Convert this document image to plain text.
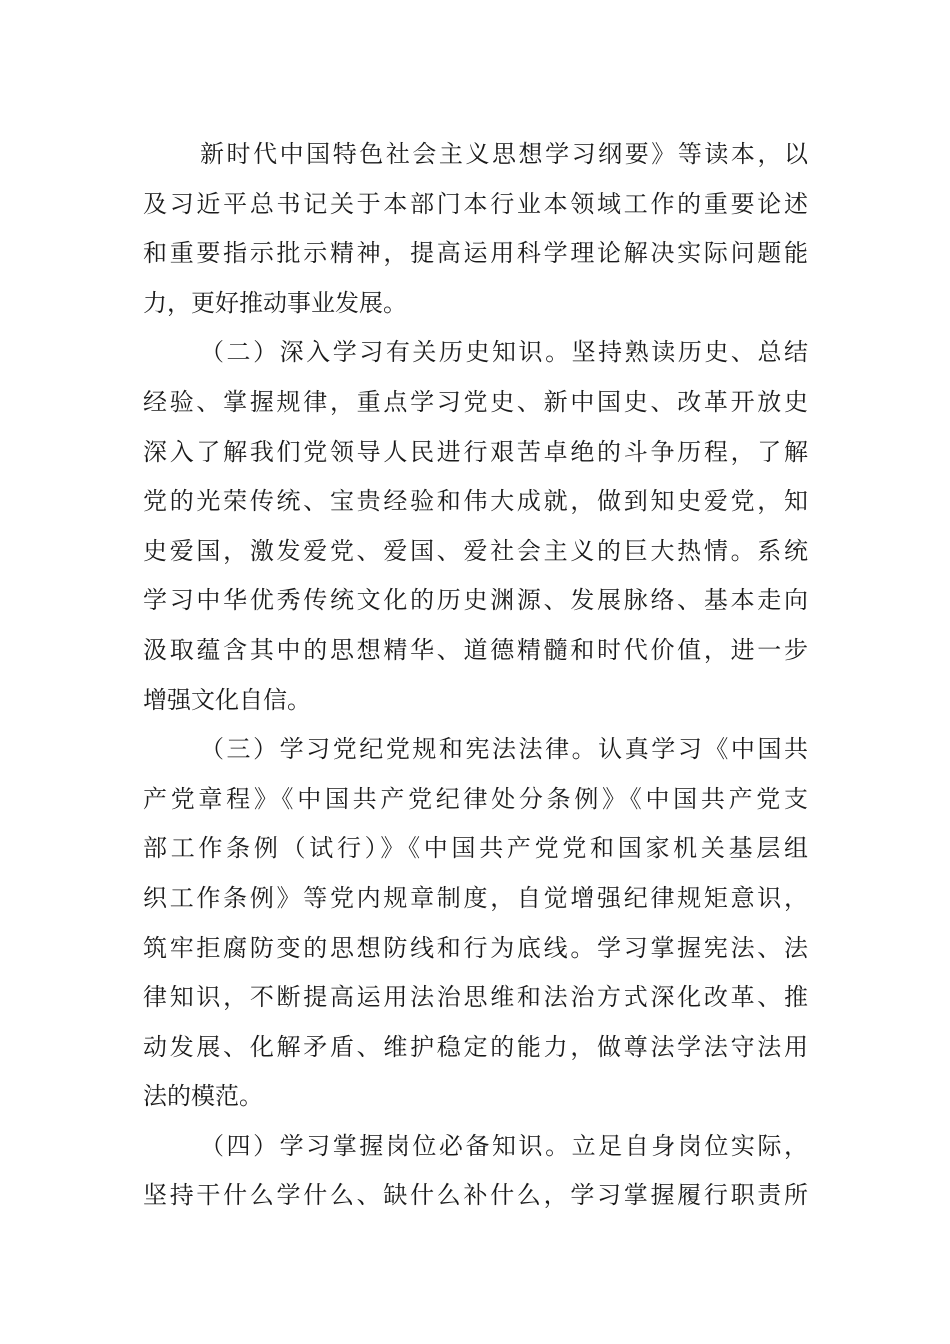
新时代中国特色社会主义思想学习纲要》等读本，以
及习近平总书记关于本部门本行业本领域工作的重要论述
和重要指示批示精神，提高运用科学理论解决实际问题能
力，更好推动事业发展。
（二）深入学习有关历史知识。坚持熟读历史、总结
经验、掌握规律，重点学习党史、新中国史、改革开放史
深入了解我们党领导人民进行艰苦卓绝的斗争历程，了解
党的光荣传统、宝贵经验和伟大成就，做到知史爱党，知
史爱国，激发爱党、爱国、爱社会主义的巨大热情。系统
学习中华优秀传统文化的历史渊源、发展脉络、基本走向
汲取蕴含其中的思想精华、道德精髓和时代价值，进一步
增强文化自信。
（三）学习党纪党规和宪法法律。认真学习《中国共
产党章程》《中国共产党纪律处分条例》《中国共产党支
部工作条例（试行）》《中国共产党党和国家机关基层组
织工作条例》等党内规章制度，自觉增强纪律规矩意识，
筑牢拒腐防变的思想防线和行为底线。学习掌握宪法、法
律知识，不断提高运用法治思维和法治方式深化改革、推
动发展、化解矛盾、维护稳定的能力，做尊法学法守法用
法的模范。
（四）学习掌握岗位必备知识。立足自身岗位实际，
坚持干什么学什么、缺什么补什么，学习掌握履行职责所
